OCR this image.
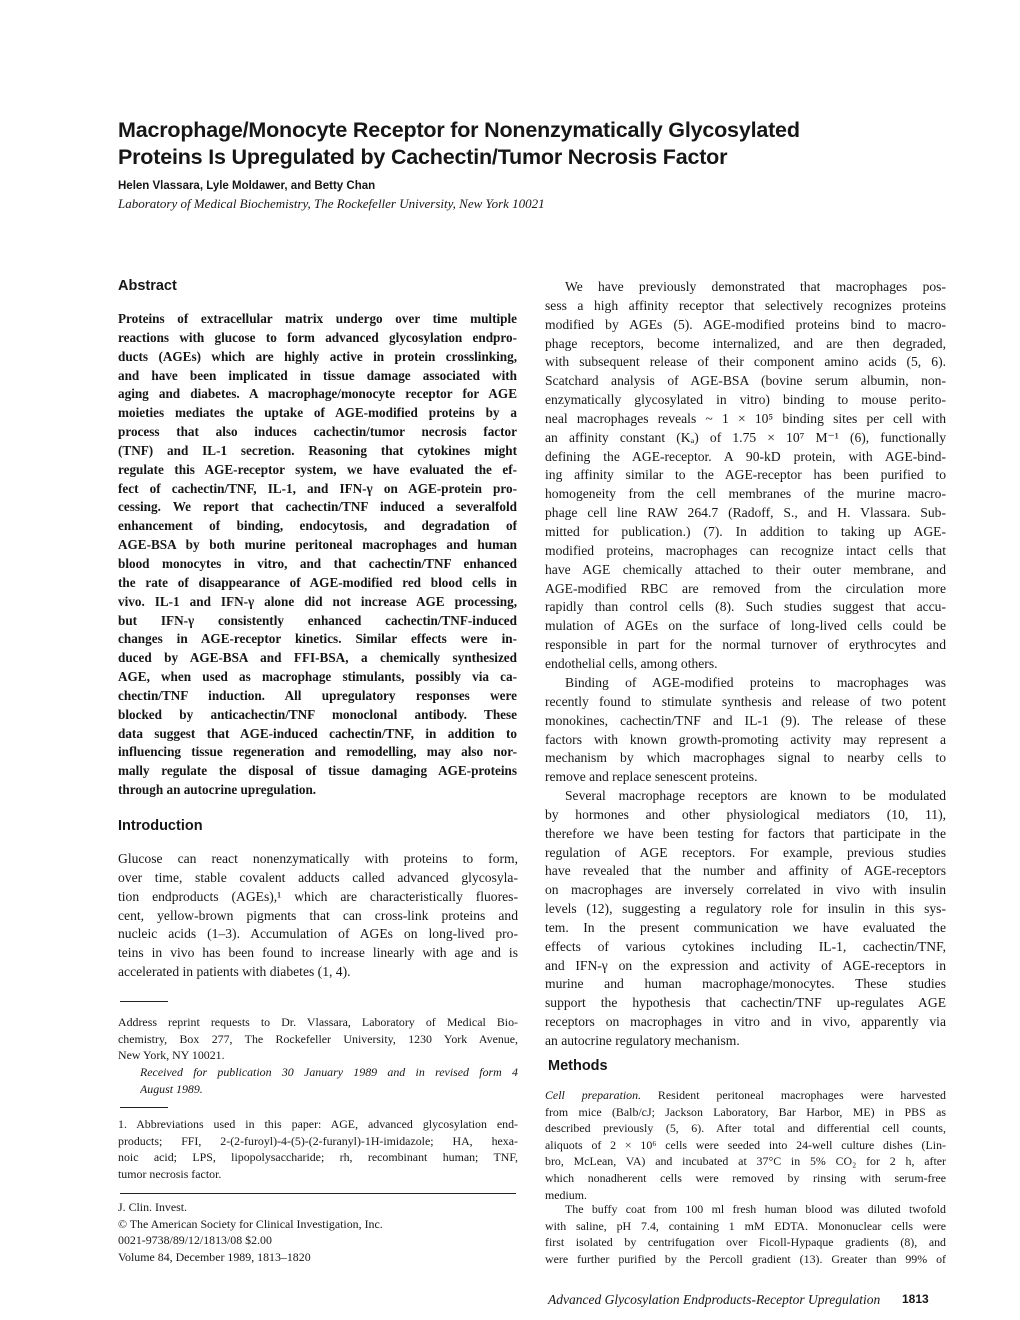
Macrophage/Monocyte Receptor for Nonenzymatically Glycosylated
Proteins Is Upregulated by Cachectin/Tumor Necrosis Factor
Helen Vlassara, Lyle Moldawer, and Betty Chan
Laboratory of Medical Biochemistry, The Rockefeller University, New York 10021
Abstract
Proteins of extracellular matrix undergo over time multiple
reactions with glucose to form advanced glycosylation endpro-
ducts (AGEs) which are highly active in protein crosslinking,
and have been implicated in tissue damage associated with
aging and diabetes. A macrophage/monocyte receptor for AGE
moieties mediates the uptake of AGE-modified proteins by a
process that also induces cachectin/tumor necrosis factor
(TNF) and IL-1 secretion. Reasoning that cytokines might
regulate this AGE-receptor system, we have evaluated the ef-
fect of cachectin/TNF, IL-1, and IFN-γ on AGE-protein pro-
cessing. We report that cachectin/TNF induced a severalfold
enhancement of binding, endocytosis, and degradation of
AGE-BSA by both murine peritoneal macrophages and human
blood monocytes in vitro, and that cachectin/TNF enhanced
the rate of disappearance of AGE-modified red blood cells in
vivo. IL-1 and IFN-γ alone did not increase AGE processing,
but IFN-γ consistently enhanced cachectin/TNF-induced
changes in AGE-receptor kinetics. Similar effects were in-
duced by AGE-BSA and FFI-BSA, a chemically synthesized
AGE, when used as macrophage stimulants, possibly via ca-
chectin/TNF induction. All upregulatory responses were
blocked by anticachectin/TNF monoclonal antibody. These
data suggest that AGE-induced cachectin/TNF, in addition to
influencing tissue regeneration and remodelling, may also nor-
mally regulate the disposal of tissue damaging AGE-proteins
through an autocrine upregulation.
Introduction
Glucose can react nonenzymatically with proteins to form,
over time, stable covalent adducts called advanced glycosyla-
tion endproducts (AGEs),¹ which are characteristically fluores-
cent, yellow-brown pigments that can cross-link proteins and
nucleic acids (1–3). Accumulation of AGEs on long-lived pro-
teins in vivo has been found to increase linearly with age and is
accelerated in patients with diabetes (1, 4).
Address reprint requests to Dr. Vlassara, Laboratory of Medical Bio-
chemistry, Box 277, The Rockefeller University, 1230 York Avenue,
New York, NY 10021.
Received for publication 30 January 1989 and in revised form 4
August 1989.
1. Abbreviations used in this paper: AGE, advanced glycosylation end-
products; FFI, 2-(2-furoyl)-4-(5)-(2-furanyl)-1H-imidazole; HA, hexa-
noic acid; LPS, lipopolysaccharide; rh, recombinant human; TNF,
tumor necrosis factor.
J. Clin. Invest.
© The American Society for Clinical Investigation, Inc.
0021-9738/89/12/1813/08 $2.00
Volume 84, December 1989, 1813–1820
We have previously demonstrated that macrophages pos-
sess a high affinity receptor that selectively recognizes proteins
modified by AGEs (5). AGE-modified proteins bind to macro-
phage receptors, become internalized, and are then degraded,
with subsequent release of their component amino acids (5, 6).
Scatchard analysis of AGE-BSA (bovine serum albumin, non-
enzymatically glycosylated in vitro) binding to mouse perito-
neal macrophages reveals ~ 1 × 10⁵ binding sites per cell with
an affinity constant (Kₐ) of 1.75 × 10⁷ M⁻¹ (6), functionally
defining the AGE-receptor. A 90-kD protein, with AGE-bind-
ing affinity similar to the AGE-receptor has been purified to
homogeneity from the cell membranes of the murine macro-
phage cell line RAW 264.7 (Radoff, S., and H. Vlassara. Sub-
mitted for publication.) (7). In addition to taking up AGE-
modified proteins, macrophages can recognize intact cells that
have AGE chemically attached to their outer membrane, and
AGE-modified RBC are removed from the circulation more
rapidly than control cells (8). Such studies suggest that accu-
mulation of AGEs on the surface of long-lived cells could be
responsible in part for the normal turnover of erythrocytes and
endothelial cells, among others.
Binding of AGE-modified proteins to macrophages was
recently found to stimulate synthesis and release of two potent
monokines, cachectin/TNF and IL-1 (9). The release of these
factors with known growth-promoting activity may represent a
mechanism by which macrophages signal to nearby cells to
remove and replace senescent proteins.
Several macrophage receptors are known to be modulated
by hormones and other physiological mediators (10, 11),
therefore we have been testing for factors that participate in the
regulation of AGE receptors. For example, previous studies
have revealed that the number and affinity of AGE-receptors
on macrophages are inversely correlated in vivo with insulin
levels (12), suggesting a regulatory role for insulin in this sys-
tem. In the present communication we have evaluated the
effects of various cytokines including IL-1, cachectin/TNF,
and IFN-γ on the expression and activity of AGE-receptors in
murine and human macrophage/monocytes. These studies
support the hypothesis that cachectin/TNF up-regulates AGE
receptors on macrophages in vitro and in vivo, apparently via
an autocrine regulatory mechanism.
Methods
Cell preparation. Resident peritoneal macrophages were harvested
from mice (Balb/cJ; Jackson Laboratory, Bar Harbor, ME) in PBS as
described previously (5, 6). After total and differential cell counts,
aliquots of 2 × 10⁶ cells were seeded into 24-well culture dishes (Lin-
bro, McLean, VA) and incubated at 37°C in 5% CO₂ for 2 h, after
which nonadherent cells were removed by rinsing with serum-free
medium.
The buffy coat from 100 ml fresh human blood was diluted twofold
with saline, pH 7.4, containing 1 mM EDTA. Mononuclear cells were
first isolated by centrifugation over Ficoll-Hypaque gradients (8), and
were further purified by the Percoll gradient (13). Greater than 99% of
Advanced Glycosylation Endproducts-Receptor Upregulation 1813
